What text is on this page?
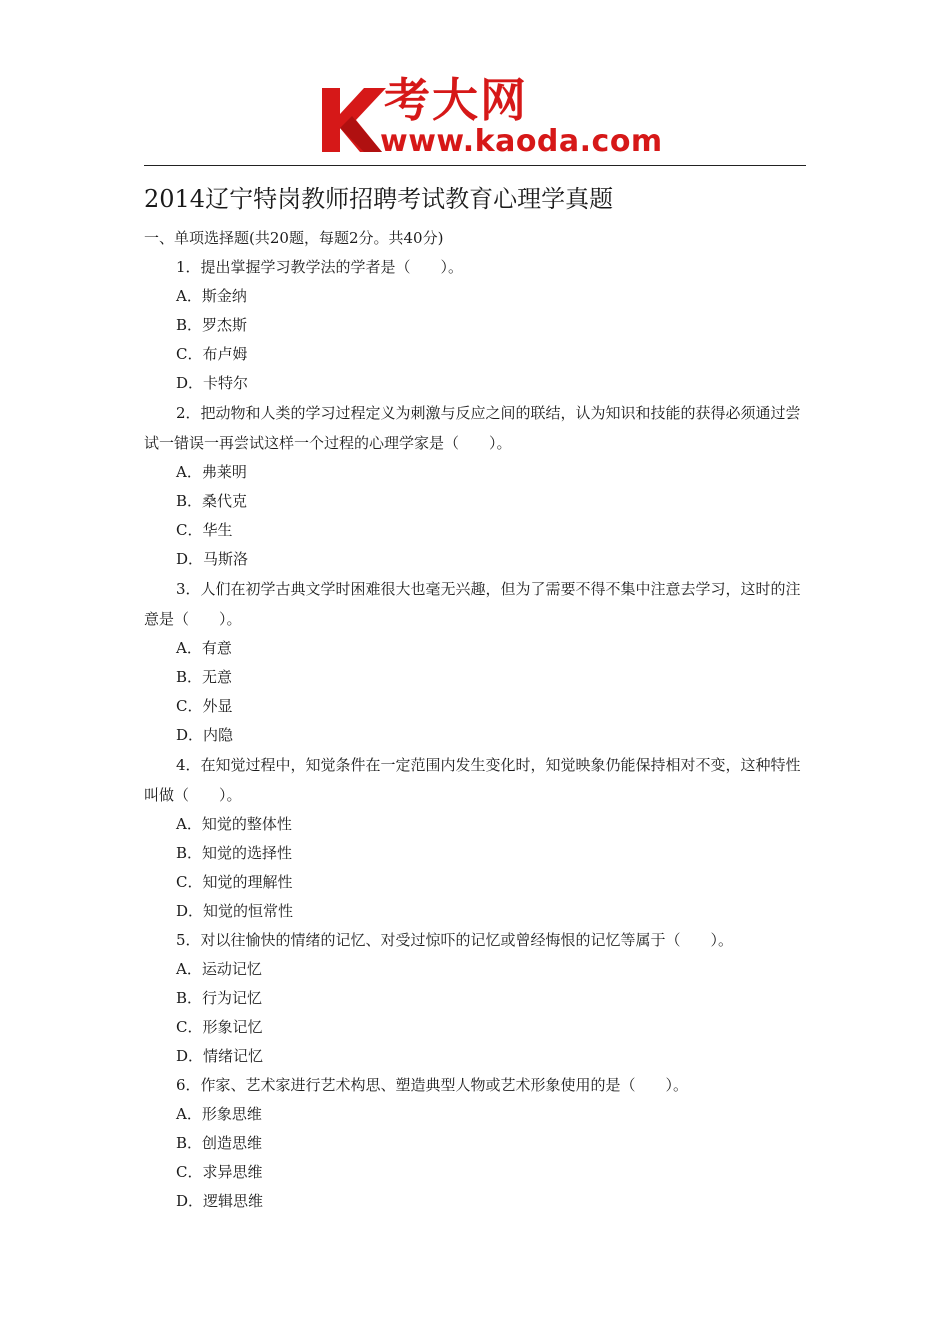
考大网
www.kaoda.com
2014辽宁特岗教师招聘考试教育心理学真题
一、单项选择题(共20题，每题2分。共40分)
1．提出掌握学习教学法的学者是（　　）。
A．斯金纳
B．罗杰斯
C．布卢姆
D．卡特尔
2．把动物和人类的学习过程定义为刺激与反应之间的联结，认为知识和技能的获得必须通过尝试一错误一再尝试这样一个过程的心理学家是（　　）。
A．弗莱明
B．桑代克
C．华生
D．马斯洛
3．人们在初学古典文学时困难很大也毫无兴趣，但为了需要不得不集中注意去学习，这时的注意是（　　）。
A．有意
B．无意
C．外显
D．内隐
4．在知觉过程中，知觉条件在一定范围内发生变化时，知觉映象仍能保持相对不变，这种特性叫做（　　）。
A．知觉的整体性
B．知觉的选择性
C．知觉的理解性
D．知觉的恒常性
5．对以往愉快的情绪的记忆、对受过惊吓的记忆或曾经悔恨的记忆等属于（　　）。
A．运动记忆
B．行为记忆
C．形象记忆
D．情绪记忆
6．作家、艺术家进行艺术构思、塑造典型人物或艺术形象使用的是（　　）。
A．形象思维
B．创造思维
C．求异思维
D．逻辑思维
